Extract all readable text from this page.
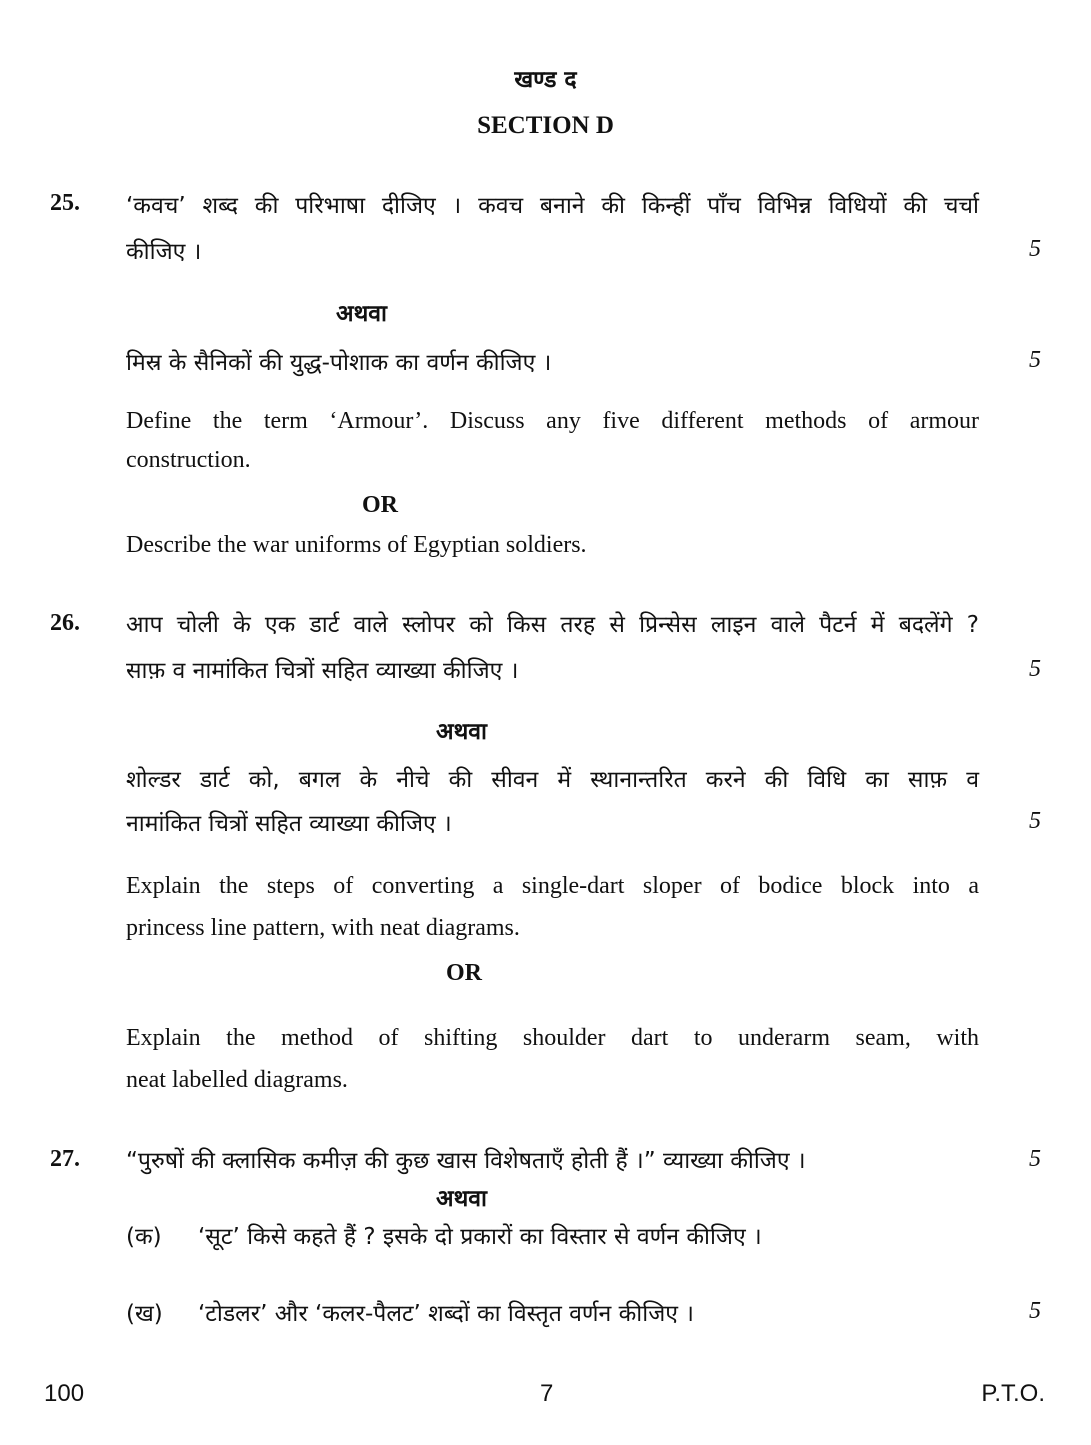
खण्ड द
SECTION D
25. ‘कवच’ शब्द की परिभाषा दीजिए । कवच बनाने की किन्हीं पाँच विभिन्न विधियों की चर्चा
कीजिए ।	5
अथवा
मिस्र के सैनिकों की युद्ध-पोशाक का वर्णन कीजिए ।	5
Define the term ‘Armour’. Discuss any five different methods of armour
construction.
OR
Describe the war uniforms of Egyptian soldiers.
26. आप चोली के एक डार्ट वाले स्लोपर को किस तरह से प्रिन्सेस लाइन वाले पैटर्न में बदलेंगे ?
साफ़ व नामांकित चित्रों सहित व्याख्या कीजिए ।	5
अथवा
शोल्डर डार्ट को, बगल के नीचे की सीवन में स्थानान्तरित करने की विधि का साफ़ व
नामांकित चित्रों सहित व्याख्या कीजिए ।	5
Explain the steps of converting a single-dart sloper of bodice block into a
princess line pattern, with neat diagrams.
OR
Explain the method of shifting shoulder dart to underarm seam, with
neat labelled diagrams.
27. “पुरुषों की क्लासिक कमीज़ की कुछ खास विशेषताएँ होती हैं ।” व्याख्या कीजिए ।	5
अथवा
(क) ‘सूट’ किसे कहते हैं ? इसके दो प्रकारों का विस्तार से वर्णन कीजिए ।
(ख) ‘टोडलर’ और ‘कलर-पैलट’ शब्दों का विस्तृत वर्णन कीजिए ।	5
100	7	P.T.O.
